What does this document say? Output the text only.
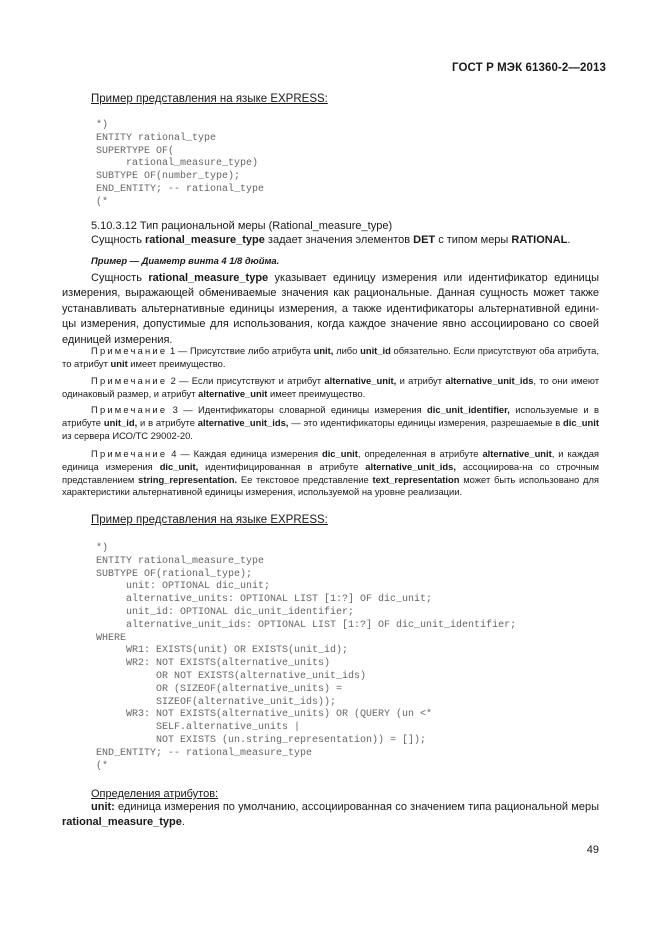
ГОСТ Р МЭК 61360-2—2013
Пример представления на языке EXPRESS:
*)
ENTITY rational_type
SUPERTYPE OF(
rational_measure_type)
SUBTYPE OF(number_type);
END_ENTITY; -- rational_type
(*
5.10.3.12 Тип рациональной меры (Rational_measure_type)
Сущность rational_measure_type задает значения элементов DET с типом меры RATIONAL.
Пример — Диаметр винта 4 1/8 дюйма.
Сущность rational_measure_type указывает единицу измерения или идентификатор единицы измерения, выражающей обмениваемые значения как рациональные. Данная сущность может также устанавливать альтернативные единицы измерения, а также идентификаторы альтернативной едини-цы измерения, допустимые для использования, когда каждое значение явно ассоциировано со своей единицей измерения.
Примечание 1 — Присутствие либо атрибута unit, либо unit_id обязательно. Если присутствуют оба атрибута, то атрибут unit имеет преимущество.
Примечание 2 — Если присутствуют и атрибут alternative_unit, и атрибут alternative_unit_ids, то они имеют одинаковый размер, и атрибут alternative_unit имеет преимущество.
Примечание 3 — Идентификаторы словарной единицы измерения dic_unit_identifier, используемые и в атрибуте unit_id, и в атрибуте alternative_unit_ids, — это идентификаторы единицы измерения, разрешаемые в dic_unit из сервера ИСО/ТС 29002-20.
Примечание 4 — Каждая единица измерения dic_unit, определенная в атрибуте alternative_unit, и каждая единица измерения dic_unit, идентифицированная в атрибуте alternative_unit_ids, ассоциирова-на со строчным представлением string_representation. Ее текстовое представление text_representation может быть использовано для характеристики альтернативной единицы измерения, используемой на уровне реализации.
Пример представления на языке EXPRESS:
*)
ENTITY rational_measure_type
SUBTYPE OF(rational_type);
unit: OPTIONAL dic_unit;
alternative_units: OPTIONAL LIST [1:?] OF dic_unit;
unit_id: OPTIONAL dic_unit_identifier;
alternative_unit_ids: OPTIONAL LIST [1:?] OF dic_unit_identifier;
WHERE
WR1: EXISTS(unit) OR EXISTS(unit_id);
WR2: NOT EXISTS(alternative_units)
OR NOT EXISTS(alternative_unit_ids)
OR (SIZEOF(alternative_units) =
SIZEOF(alternative_unit_ids));
WR3: NOT EXISTS(alternative_units) OR (QUERY (un <*
SELF.alternative_units |
NOT EXISTS (un.string_representation)) = []);
END_ENTITY; -- rational_measure_type
(*
Определения атрибутов:
unit: единица измерения по умолчанию, ассоциированная со значением типа рациональной меры rational_measure_type.
49
